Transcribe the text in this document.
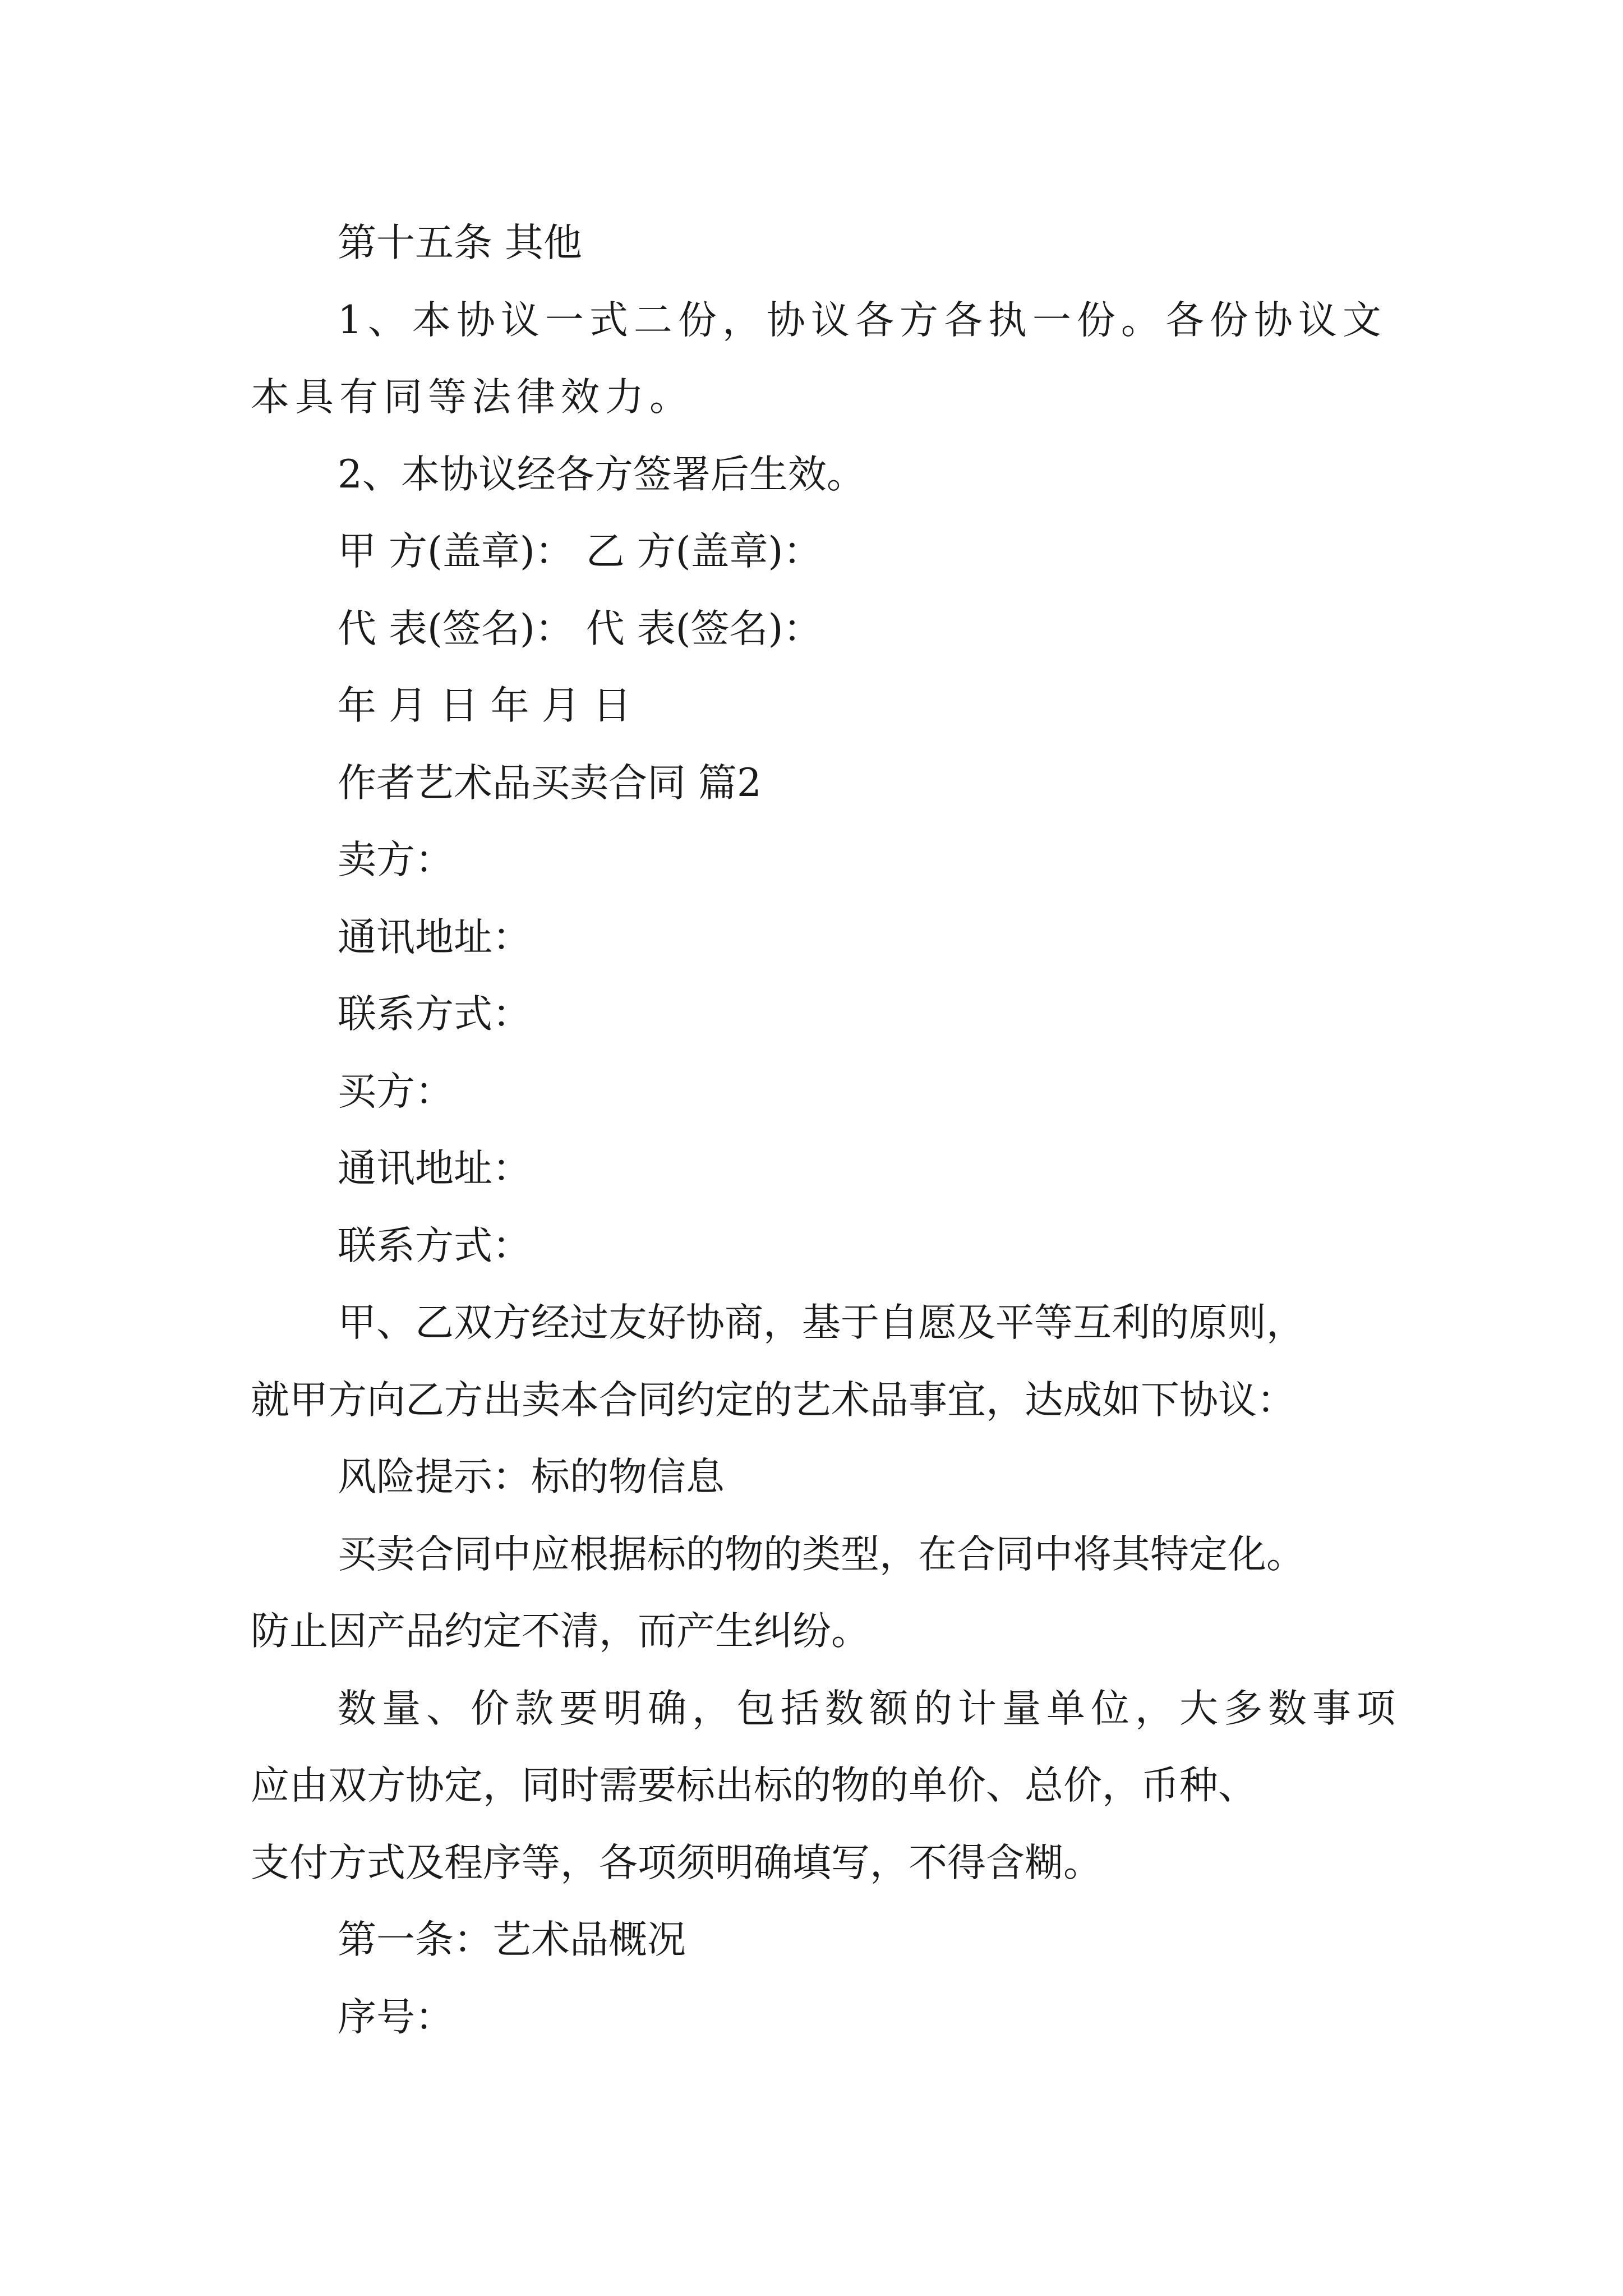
第十五条 其他
1、本协议一式二份，协议各方各执一份。各份协议文
本具有同等法律效力。
2、本协议经各方签署后生效。
甲 方(盖章)： 乙 方(盖章)：
代 表(签名)： 代 表(签名)：
年 月 日 年 月 日
作者艺术品买卖合同 篇2
卖方：
通讯地址：
联系方式：
买方：
通讯地址：
联系方式：
甲、乙双方经过友好协商，基于自愿及平等互利的原则，
就甲方向乙方出卖本合同约定的艺术品事宜，达成如下协议：
风险提示：标的物信息
买卖合同中应根据标的物的类型，在合同中将其特定化。
防止因产品约定不清，而产生纠纷。
数量、价款要明确，包括数额的计量单位，大多数事项
应由双方协定，同时需要标出标的物的单价、总价，币种、
支付方式及程序等，各项须明确填写，不得含糊。
第一条：艺术品概况
序号：
